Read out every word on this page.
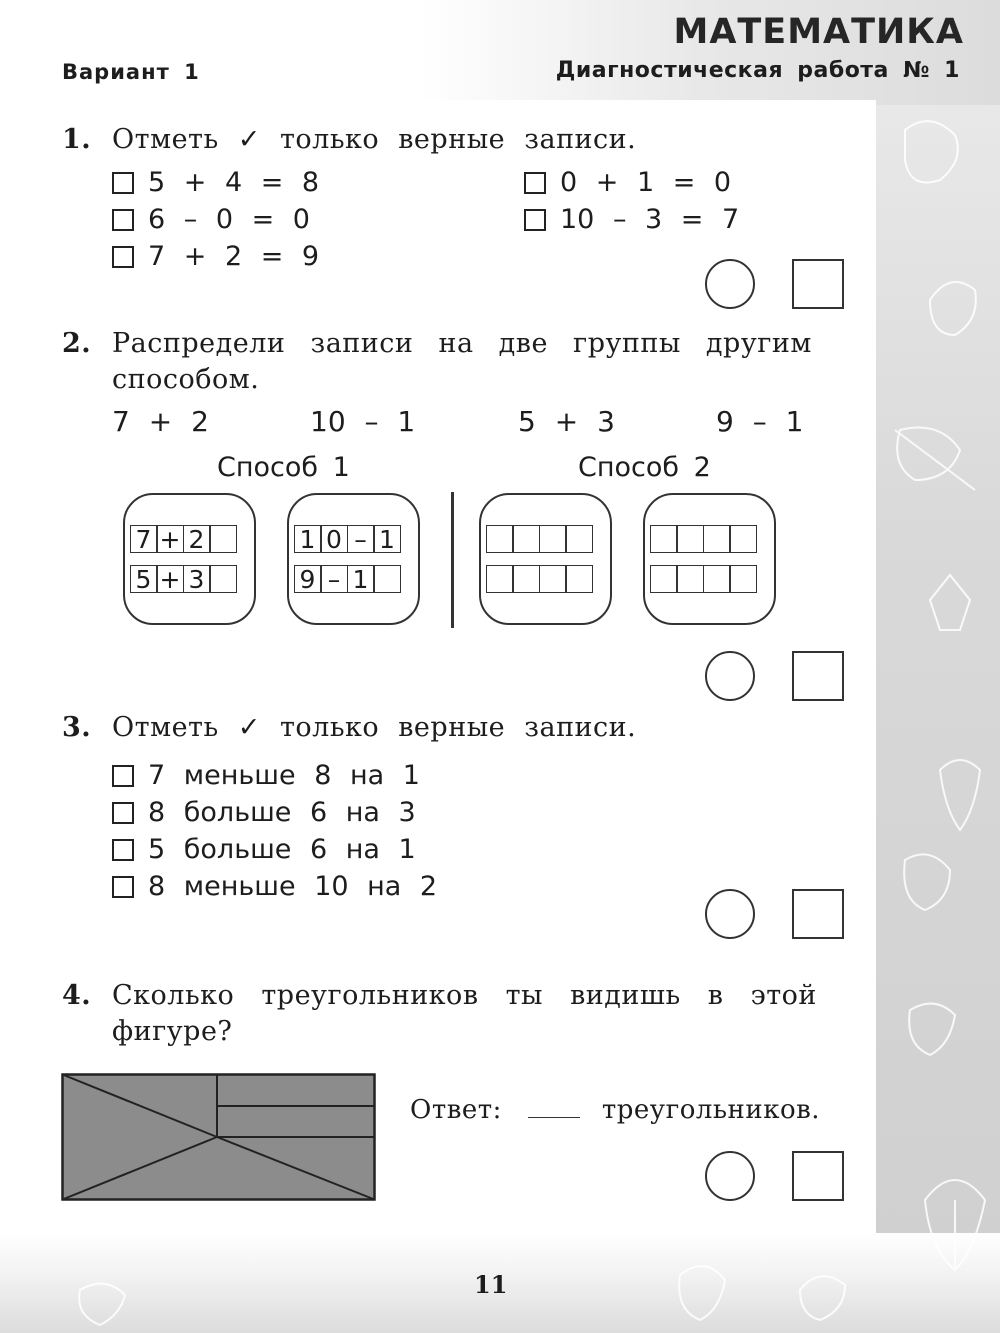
МАТЕМАТИКА
Вариант 1	Диагностическая работа № 1
1. Отметь ✓ только верные записи.
5 + 4 = 8
6 – 0 = 0
7 + 2 = 9
0 + 1 = 0
10 – 3 = 7
2. Распредели записи на две группы другим
способом.
7 + 2	10 – 1	5 + 3	9 – 1
Способ 1	Способ 2
7 + 2
5 + 3
1 0 – 1
9 – 1
3. Отметь ✓ только верные записи.
7 меньше 8 на 1
8 больше 6 на 3
5 больше 6 на 1
8 меньше 10 на 2
4. Сколько треугольников ты видишь в этой
фигуре?
Ответ:	треугольников.
11
